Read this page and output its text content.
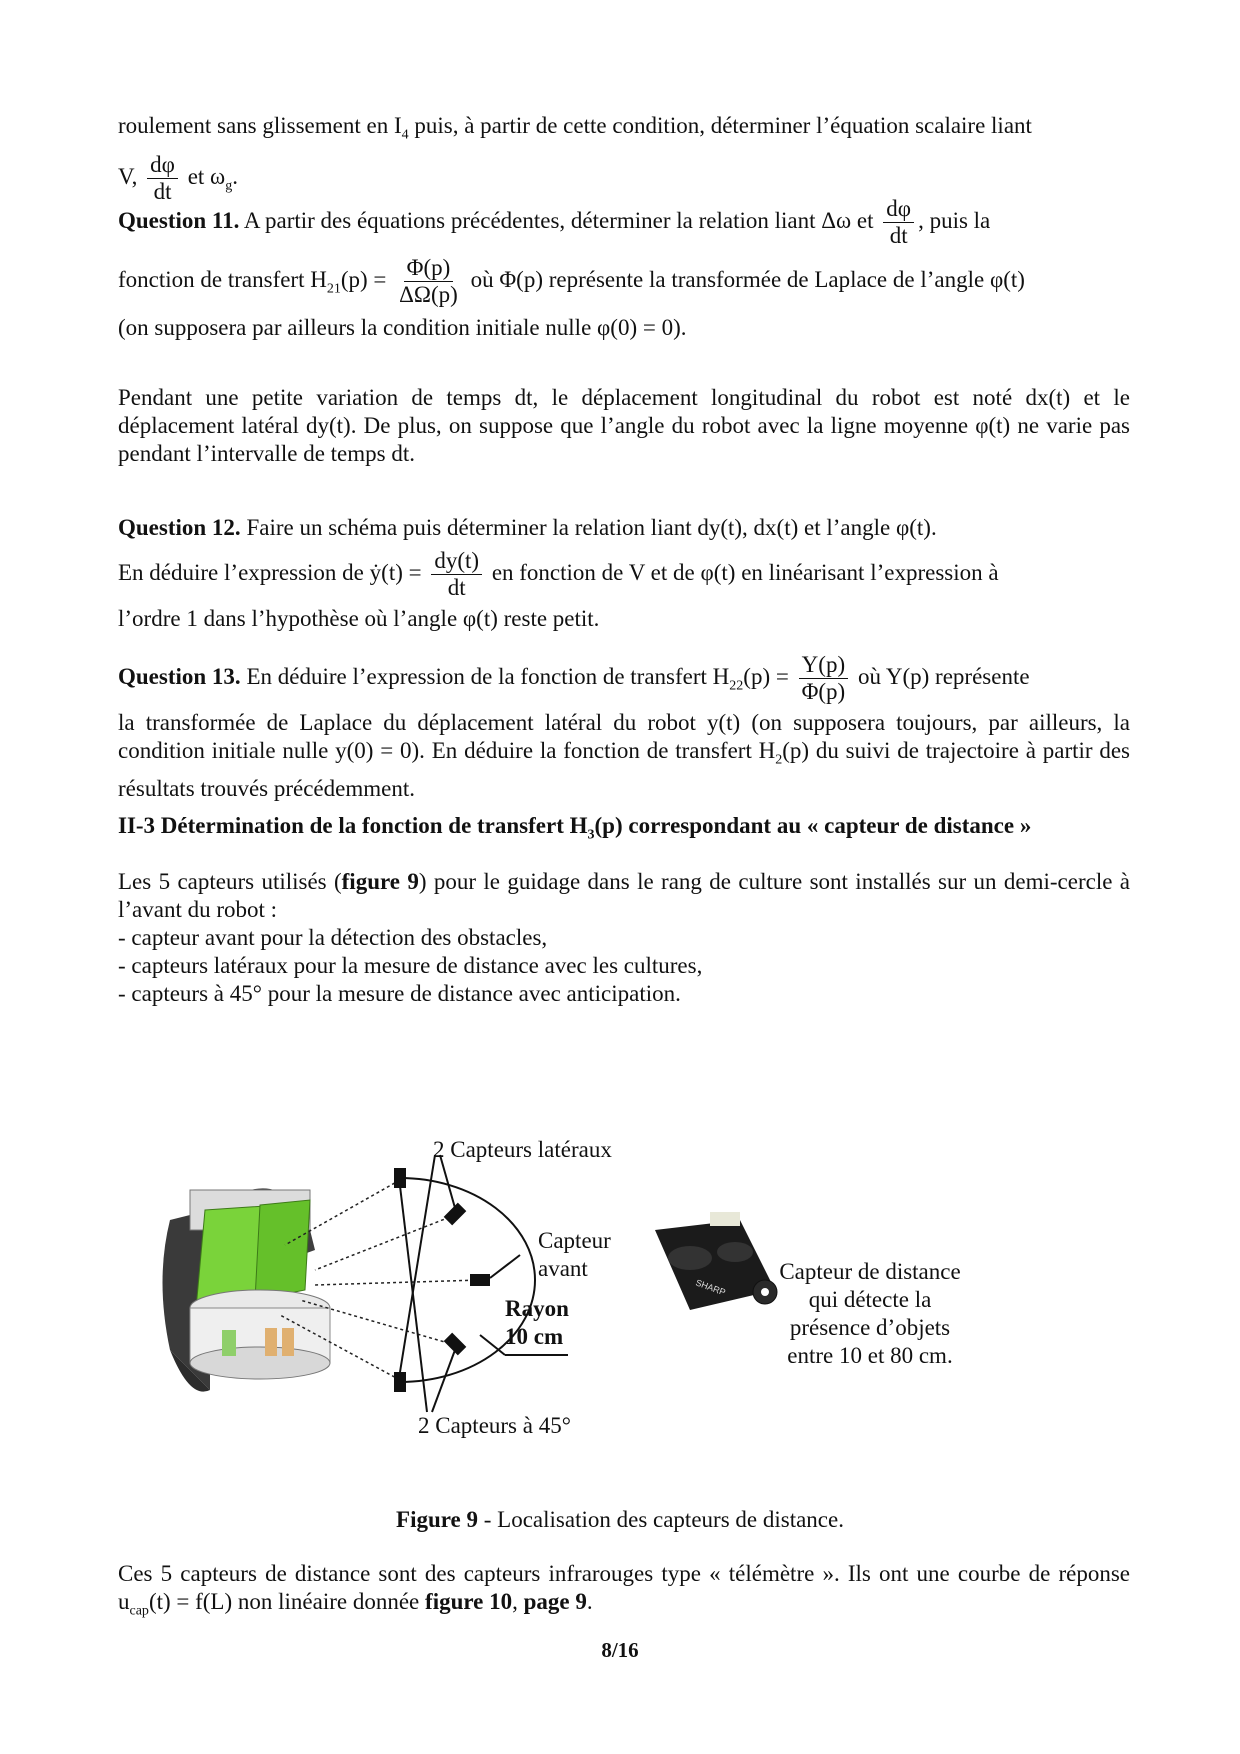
roulement sans glissement en $I_4$ puis, à partir de cette condition, déterminer l’équation scalaire liant

V, $\frac{d\varphi}{dt}$ et $\omega_g$.

Question 11. A partir des équations précédentes, déterminer la relation liant Δω et $\frac{d\varphi}{dt}$ , puis la

fonction de transfert $H_{21}(p) = \frac{\Phi(p)}{\Delta\Omega(p)}$ où Φ(p) représente la transformée de Laplace de l’angle φ(t)

(on supposera par ailleurs la condition initiale nulle φ(0) = 0).

Pendant une petite variation de temps dt, le déplacement longitudinal du robot est noté dx(t) et le déplacement latéral dy(t). De plus, on suppose que l’angle du robot avec la ligne moyenne φ(t) ne varie pas pendant l’intervalle de temps dt.

Question 12. Faire un schéma puis déterminer la relation liant dy(t), dx(t) et l’angle φ(t).

En déduire l’expression de ẏ(t) = $\frac{dy(t)}{dt}$ en fonction de V et de φ(t) en linéarisant l’expression à

l’ordre 1 dans l’hypothèse où l’angle φ(t) reste petit.

Question 13. En déduire l’expression de la fonction de transfert $H_{22}(p) = \frac{Y(p)}{\Phi(p)}$ où Y(p) représente

la transformée de Laplace du déplacement latéral du robot y(t) (on supposera toujours, par ailleurs, la condition initiale nulle y(0) = 0). En déduire la fonction de transfert $H_2(p)$ du suivi de trajectoire à partir des résultats trouvés précédemment.

II-3 Détermination de la fonction de transfert $H_3(p)$ correspondant au « capteur de distance »

Les 5 capteurs utilisés (figure 9) pour le guidage dans le rang de culture sont installés sur un demi-cercle à l’avant du robot :

- capteur avant pour la détection des obstacles,
- capteurs latéraux pour la mesure de distance avec les cultures,
- capteurs à 45° pour la mesure de distance avec anticipation.
SHARP
2 Capteurs latéraux
Capteur
avant
Rayon
10 cm
2 Capteurs à 45°
Capteur de distance
qui détecte la
présence d’objets
entre 10 et 80 cm.
Figure 9 - Localisation des capteurs de distance.

Ces 5 capteurs de distance sont des capteurs infrarouges type « télémètre ». Ils ont une courbe de réponse $u_{cap}(t) = f(L)$ non linéaire donnée figure 10, page 9.

8/16
